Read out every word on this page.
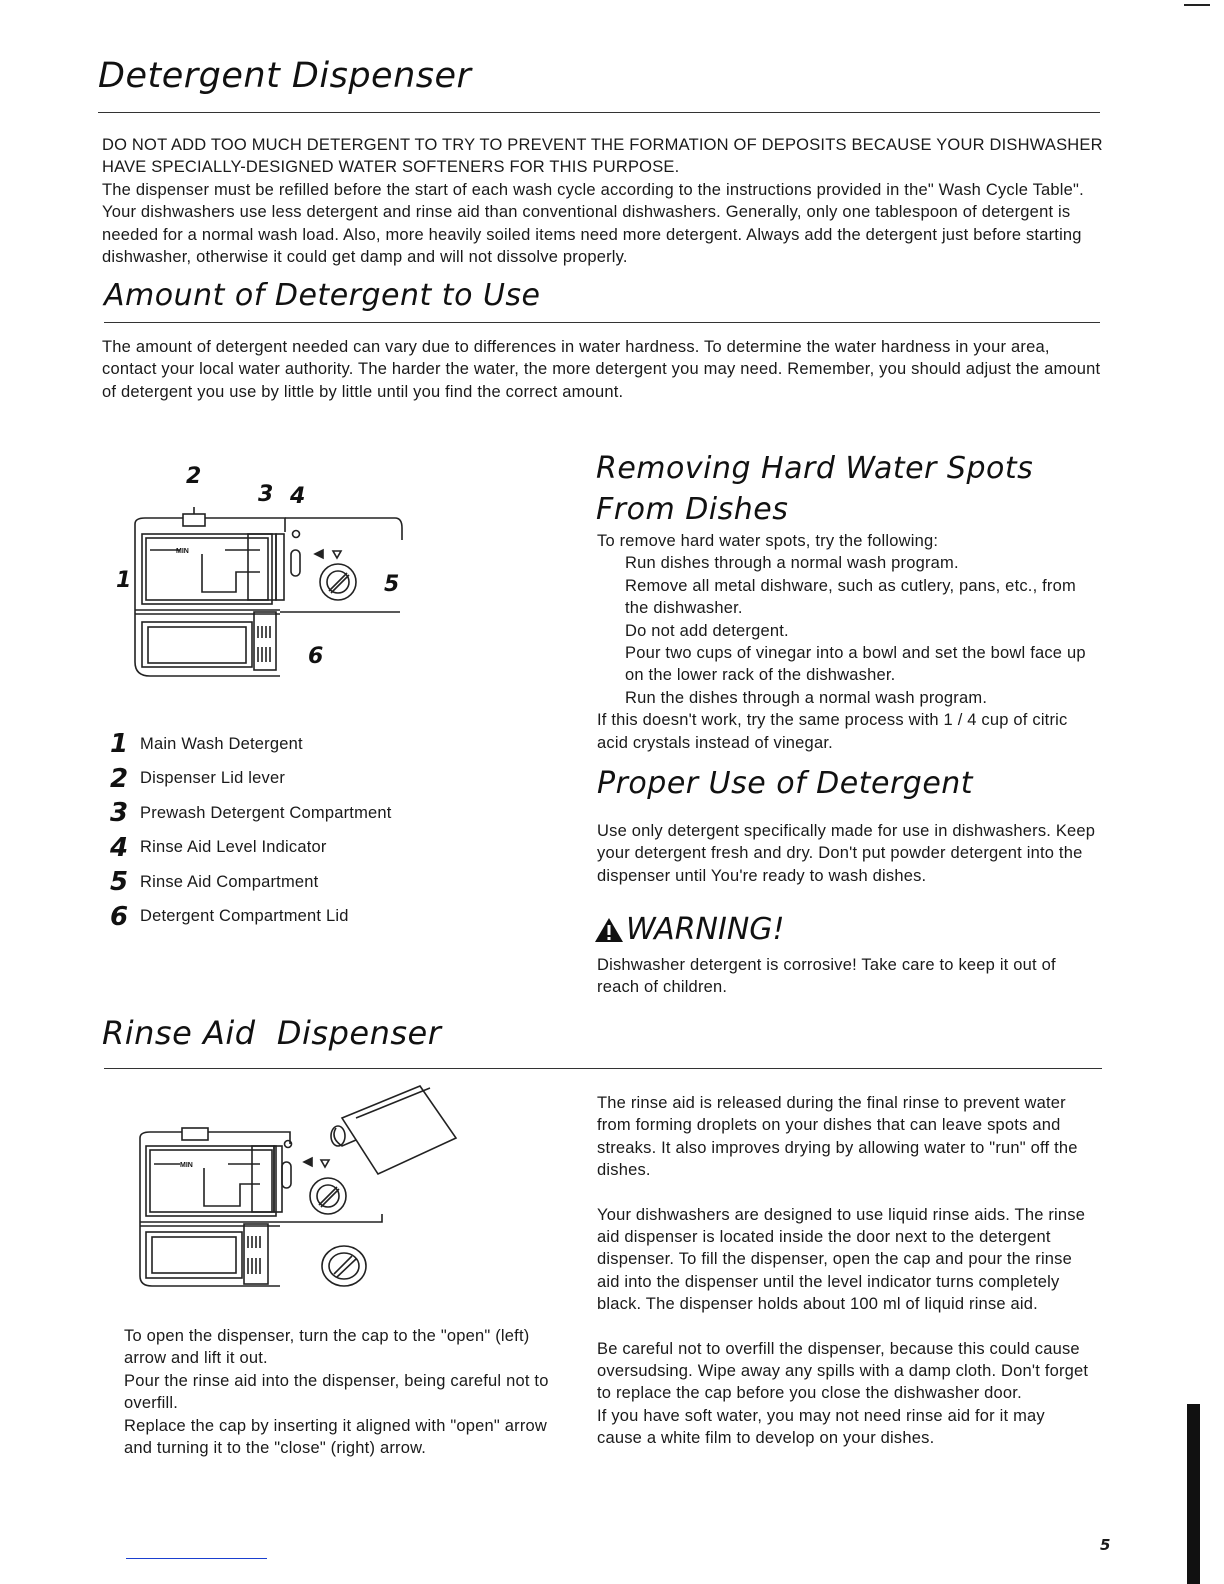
Detergent Dispenser

DO NOT ADD TOO MUCH DETERGENT TO TRY TO PREVENT THE FORMATION OF DEPOSITS BECAUSE YOUR DISHWASHER HAVE SPECIALLY-DESIGNED WATER SOFTENERS FOR THIS PURPOSE.

The dispenser must be refilled before the start of each wash cycle according to the instructions provided in the" Wash Cycle Table". Your dishwashers use less detergent and rinse aid than conventional dishwashers. Generally, only one tablespoon of detergent is needed for a normal wash load. Also, more heavily soiled items need more detergent. Always add the detergent just before starting dishwasher, otherwise it could get damp and will not dissolve properly.

Amount of Detergent to Use
The amount of detergent needed can vary due to differences in water hardness. To determine the water hardness in your area, contact your local water authority. The harder the water, the more detergent you may need. Remember, you should adjust the amount of detergent you use by little by little until you find the correct amount.
MIN
2
3 4
1	5
6
1 Main Wash Detergent
2 Dispenser Lid lever
3 Prewash Detergent Compartment
4 Rinse Aid Level Indicator
5 Rinse Aid Compartment
6 Detergent Compartment Lid
Removing Hard Water Spots
From Dishes

To remove hard water spots, try the following:

Run dishes through a normal wash program.

Remove all metal dishware, such as cutlery, pans, etc., from the dishwasher.

Do not add detergent.

Pour two cups of vinegar into a bowl and set the bowl face up on the lower rack of the dishwasher.

Run the dishes through a normal wash program.

If this doesn't work, try the same process with 1 / 4 cup of citric acid crystals instead of vinegar.

Proper Use of Detergent
Use only detergent specifically made for use in dishwashers. Keep your detergent fresh and dry. Don't put powder detergent into the dispenser until You're ready to wash dishes.
WARNING!
Dishwasher detergent is corrosive! Take care to keep it out of reach of children.
Rinse Aid  Dispenser
MIN

To open the dispenser, turn the cap to the "open" (left) arrow and lift it out.

Pour the rinse aid into the dispenser, being careful not to overfill.

Replace the cap by inserting it aligned with "open" arrow and turning it to the "close" (right) arrow.

The rinse aid is released during the final rinse to prevent water from forming droplets on your dishes that can leave spots and streaks. It also improves drying by allowing water to "run" off the dishes.

Your dishwashers are designed to use liquid rinse aids. The rinse aid dispenser is located inside the door next to the detergent dispenser. To fill the dispenser, open the cap and pour the rinse aid into the dispenser until the level indicator turns completely black. The dispenser holds about 100 ml of liquid rinse aid.

Be careful not to overfill the dispenser, because this could cause oversudsing. Wipe away any spills with a damp cloth. Don't forget to replace the cap before you close the dishwasher door.

If you have soft water, you may not need rinse aid for it may cause a white film to develop on your dishes.

5
